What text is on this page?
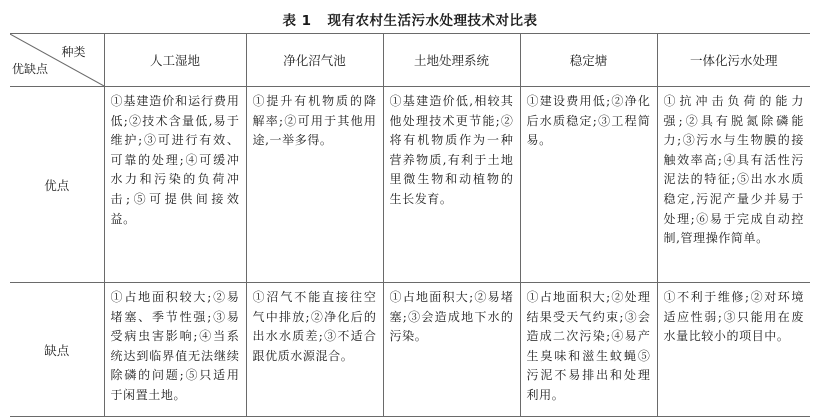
表 1 现有农村生活污水处理技术对比表
种类
优缺点	人工湿地	净化沼气池	土地处理系统	稳定塘	一体化污水处理
优点	①基建造价和运行费用低;②技术含量低,易于维护;③可进行有效、可靠的处理;④可缓冲水力和污染的负荷冲击;⑤可提供间接效益。	①提升有机物质的降解率;②可用于其他用途,一举多得。	①基建造价低,相较其他处理技术更节能;②将有机物质作为一种营养物质,有利于土地里微生物和动植物的生长发育。	①建设费用低;②净化后水质稳定;③工程简易。	①抗冲击负荷的能力强;②具有脱氮除磷能力;③污水与生物膜的接触效率高;④具有活性污泥法的特征;⑤出水水质稳定,污泥产量少并易于处理;⑥易于完成自动控制,管理操作简单。
缺点	①占地面积较大;②易堵塞、季节性强;③易受病虫害影响;④当系统达到临界值无法继续除磷的问题;⑤只适用于闲置土地。	①沼气不能直接往空气中排放;②净化后的出水水质差;③不适合跟优质水源混合。	①占地面积大;②易堵塞;③会造成地下水的污染。	①占地面积大;②处理结果受天气约束;③会造成二次污染;④易产生臭味和滋生蚊蝇⑤污泥不易排出和处理利用。	①不利于维修;②对环境适应性弱;③只能用在废水量比较小的项目中。
